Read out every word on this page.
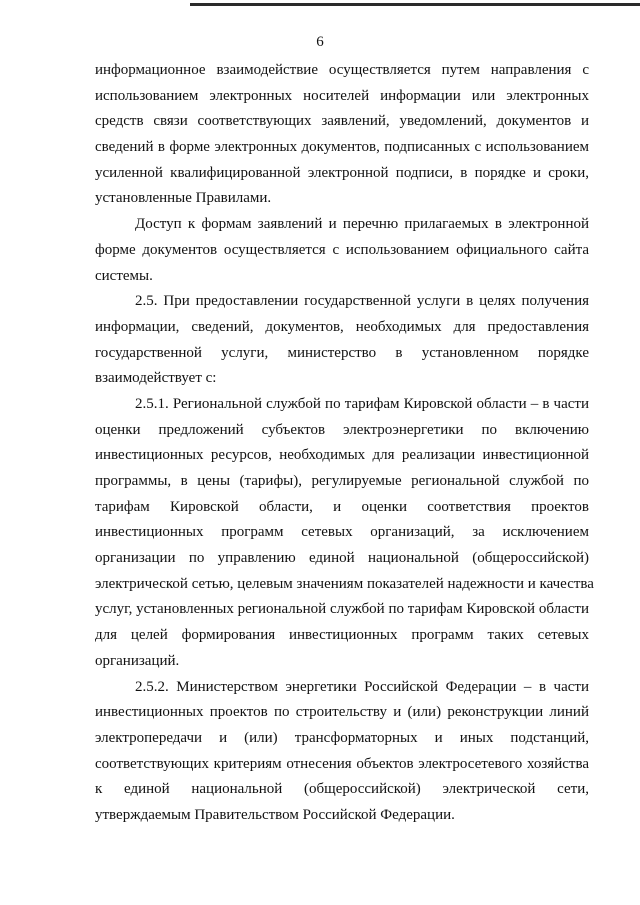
6

информационное взаимодействие осуществляется путем направления с
использованием электронных носителей информации или электронных
средств связи соответствующих заявлений, уведомлений, документов и
сведений в форме электронных документов, подписанных с использованием
усиленной квалифицированной электронной подписи, в порядке и сроки,
установленные Правилами.

Доступ к формам заявлений и перечню прилагаемых в электронной
форме документов осуществляется с использованием официального сайта
системы.

2.5. При предоставлении государственной услуги в целях получения
информации, сведений, документов, необходимых для предоставления
государственной услуги, министерство в установленном порядке
взаимодействует с:

2.5.1. Региональной службой по тарифам Кировской области – в части
оценки предложений субъектов электроэнергетики по включению
инвестиционных ресурсов, необходимых для реализации инвестиционной
программы, в цены (тарифы), регулируемые региональной службой по
тарифам Кировской области, и оценки соответствия проектов
инвестиционных программ сетевых организаций, за исключением
организации по управлению единой национальной (общероссийской)
электрической сетью, целевым значениям показателей надежности и качества
услуг, установленных региональной службой по тарифам Кировской области
для целей формирования инвестиционных программ таких сетевых
организаций.

2.5.2. Министерством энергетики Российской Федерации – в части
инвестиционных проектов по строительству и (или) реконструкции линий
электропередачи и (или) трансформаторных и иных подстанций,
соответствующих критериям отнесения объектов электросетевого хозяйства
к единой национальной (общероссийской) электрической сети,
утверждаемым Правительством Российской Федерации.
